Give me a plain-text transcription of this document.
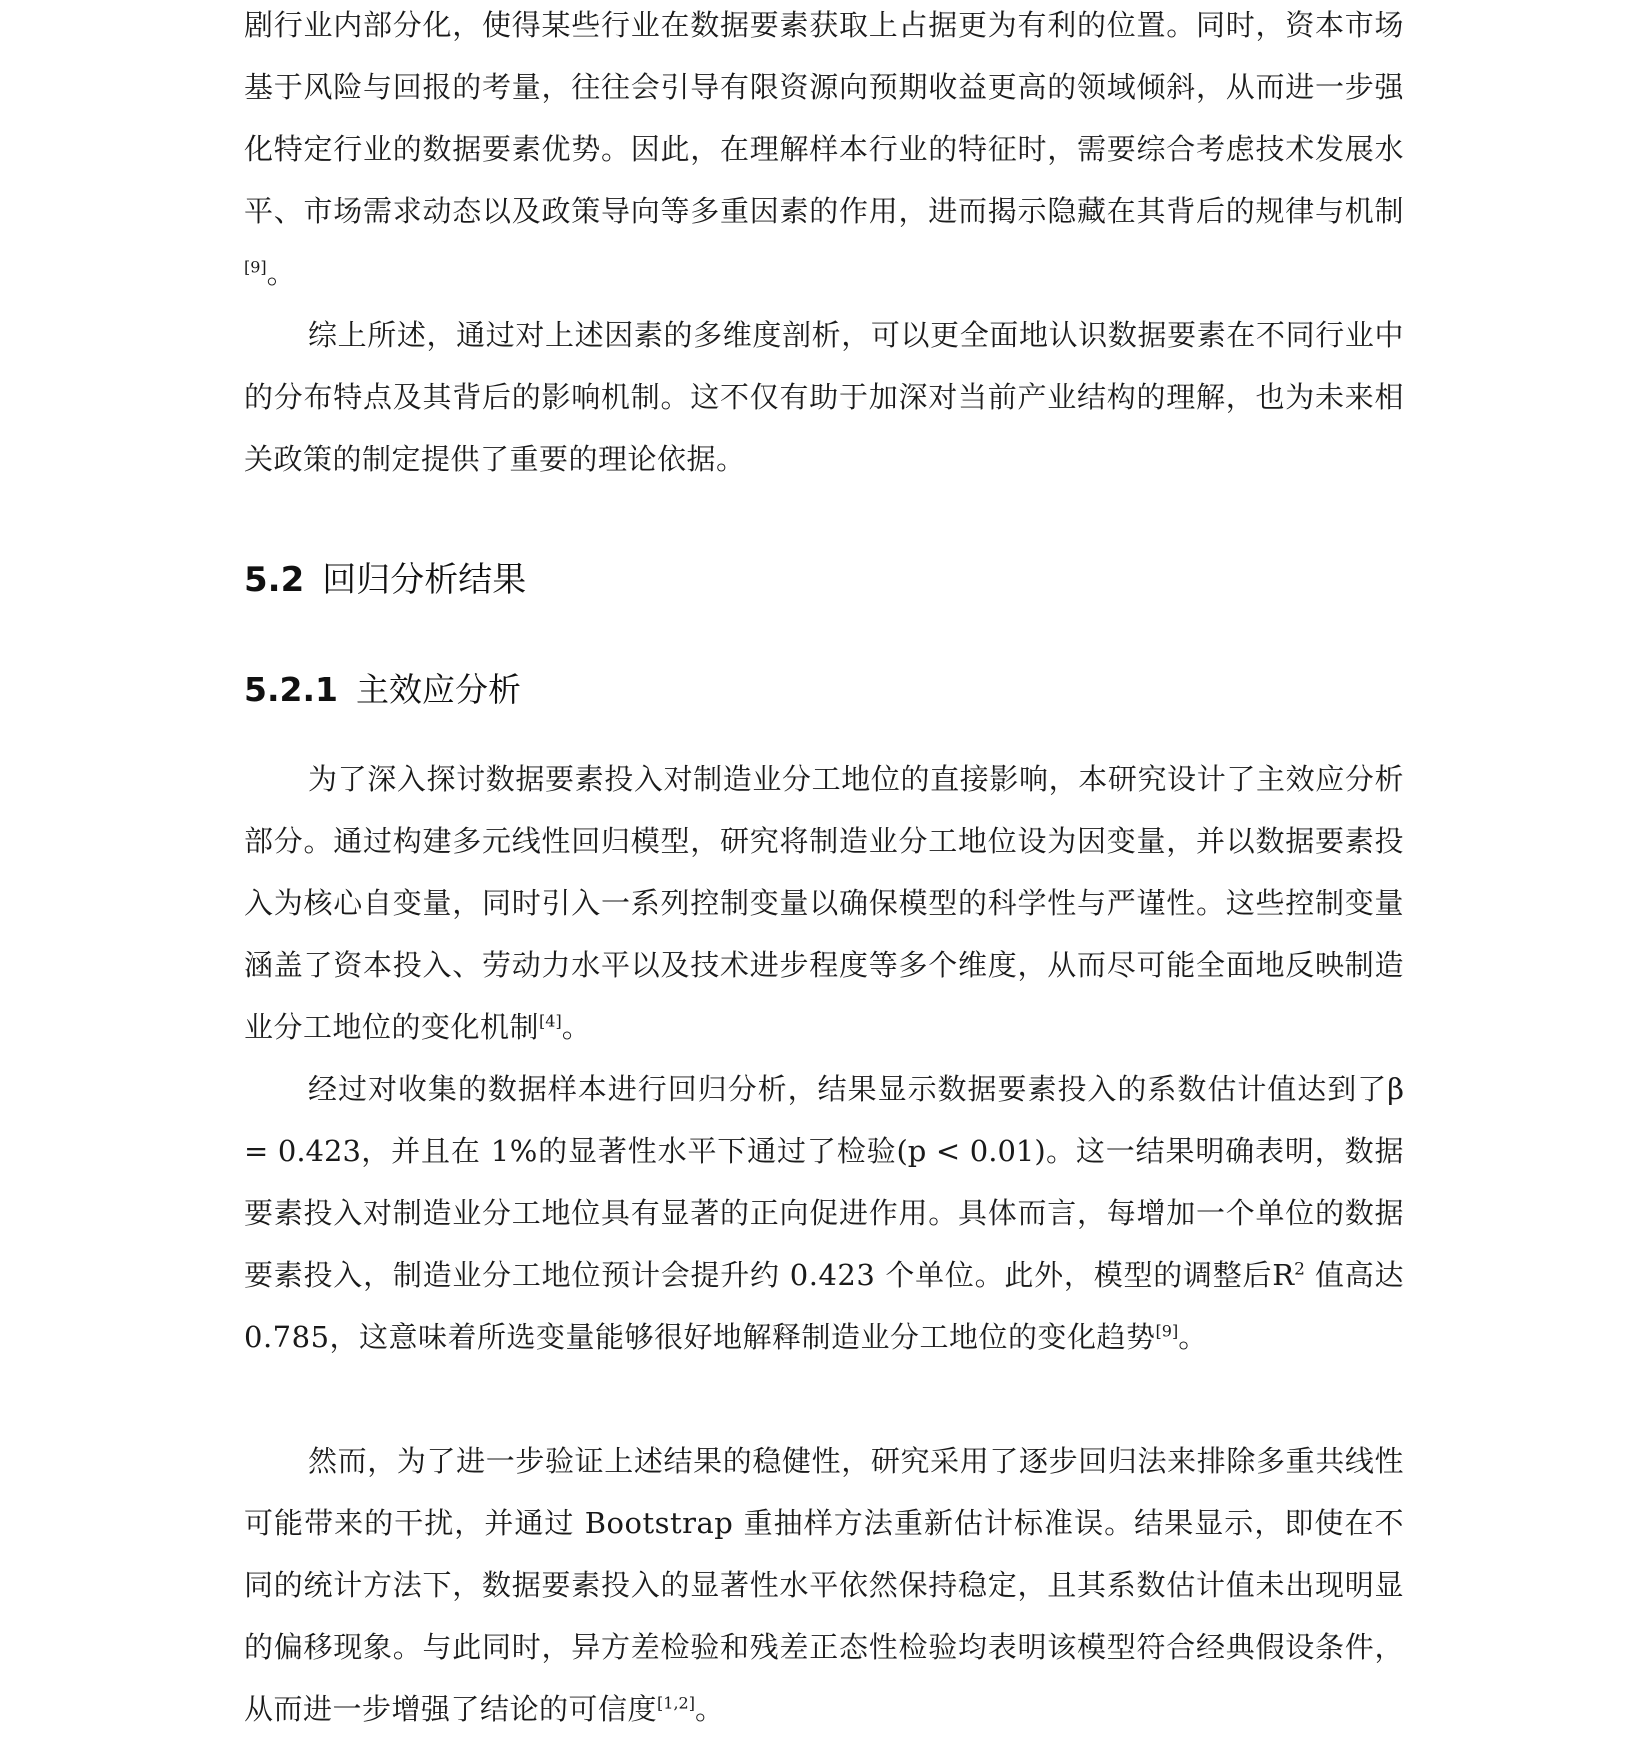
剧行业内部分化，使得某些行业在数据要素获取上占据更为有利的位置。同时，资本市场基于风险与回报的考量，往往会引导有限资源向预期收益更高的领域倾斜，从而进一步强化特定行业的数据要素优势。因此，在理解样本行业的特征时，需要综合考虑技术发展水平、市场需求动态以及政策导向等多重因素的作用，进而揭示隐藏在其背后的规律与机制[9]。

综上所述，通过对上述因素的多维度剖析，可以更全面地认识数据要素在不同行业中的分布特点及其背后的影响机制。这不仅有助于加深对当前产业结构的理解，也为未来相关政策的制定提供了重要的理论依据。

5.2 回归分析结果
5.2.1 主效应分析

为了深入探讨数据要素投入对制造业分工地位的直接影响，本研究设计了主效应分析部分。通过构建多元线性回归模型，研究将制造业分工地位设为因变量，并以数据要素投入为核心自变量，同时引入一系列控制变量以确保模型的科学性与严谨性。这些控制变量涵盖了资本投入、劳动力水平以及技术进步程度等多个维度，从而尽可能全面地反映制造业分工地位的变化机制[4]。

经过对收集的数据样本进行回归分析，结果显示数据要素投入的系数估计值达到了β = 0.423，并且在 1%的显著性水平下通过了检验(p < 0.01)。这一结果明确表明，数据要素投入对制造业分工地位具有显著的正向促进作用。具体而言，每增加一个单位的数据要素投入，制造业分工地位预计会提升约 0.423 个单位。此外，模型的调整后$R^2$ 值高达 0.785，这意味着所选变量能够很好地解释制造业分工地位的变化趋势[9]。

然而，为了进一步验证上述结果的稳健性，研究采用了逐步回归法来排除多重共线性可能带来的干扰，并通过 Bootstrap 重抽样方法重新估计标准误。结果显示，即使在不同的统计方法下，数据要素投入的显著性水平依然保持稳定，且其系数估计值未出现明显的偏移现象。与此同时，异方差检验和残差正态性检验均表明该模型符合经典假设条件，从而进一步增强了结论的可信度[1,2]。
